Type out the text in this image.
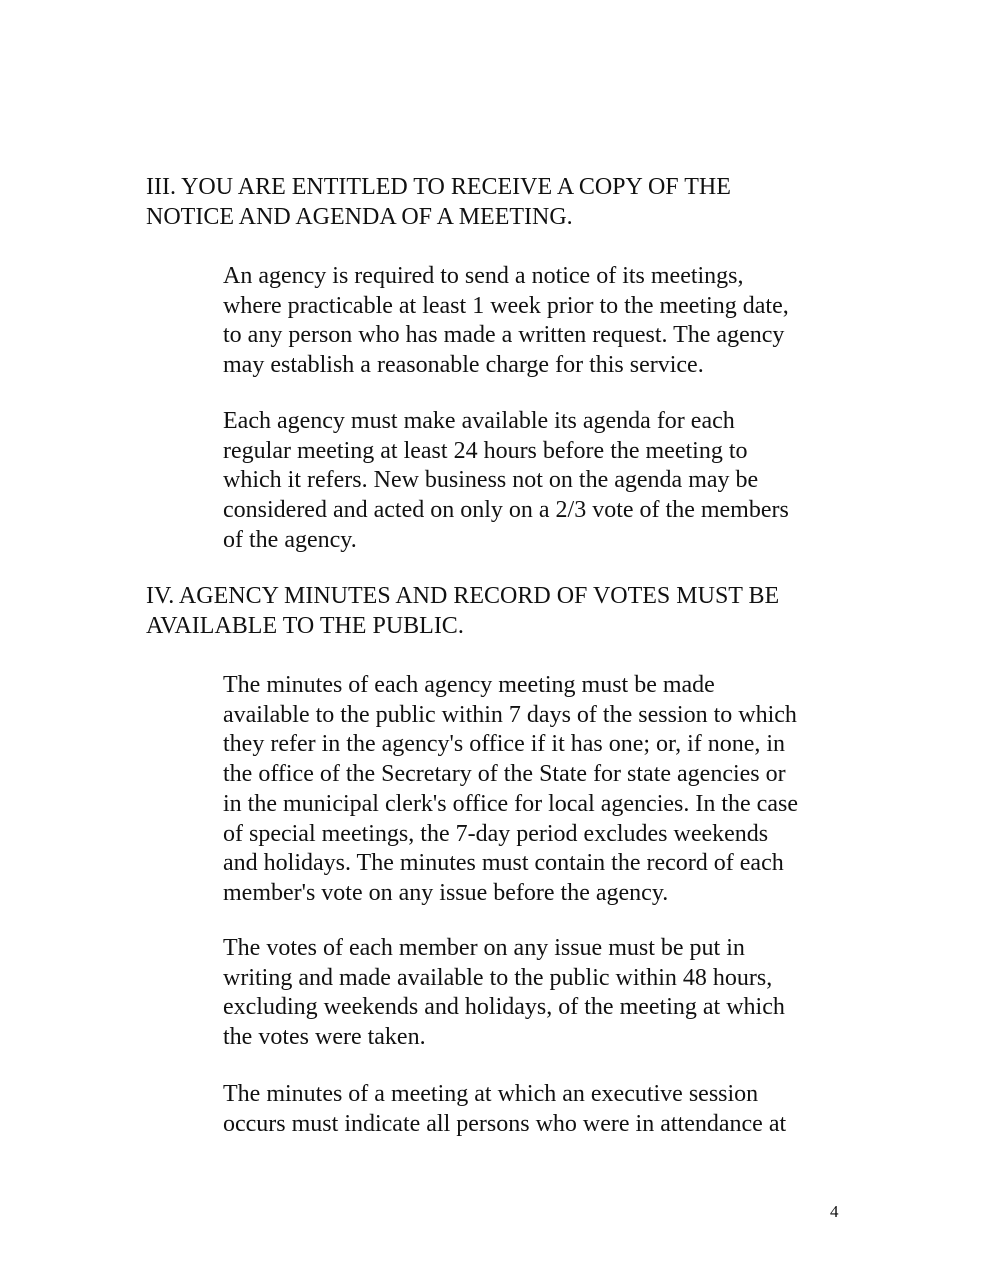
III. YOU ARE ENTITLED TO RECEIVE A COPY OF THE
NOTICE AND AGENDA OF A MEETING.

An agency is required to send a notice of its meetings,
where practicable at least 1 week prior to the meeting date,
to any person who has made a written request. The agency
may establish a reasonable charge for this service.

Each agency must make available its agenda for each
regular meeting at least 24 hours before the meeting to
which it refers. New business not on the agenda may be
considered and acted on only on a 2/3 vote of the members
of the agency.

IV. AGENCY MINUTES AND RECORD OF VOTES MUST BE
AVAILABLE TO THE PUBLIC.

The minutes of each agency meeting must be made
available to the public within 7 days of the session to which
they refer in the agency's office if it has one; or, if none, in
the office of the Secretary of the State for state agencies or
in the municipal clerk's office for local agencies. In the case
of special meetings, the 7-day period excludes weekends
and holidays. The minutes must contain the record of each
member's vote on any issue before the agency.

The votes of each member on any issue must be put in
writing and made available to the public within 48 hours,
excluding weekends and holidays, of the meeting at which
the votes were taken.

The minutes of a meeting at which an executive session
occurs must indicate all persons who were in attendance at

4
